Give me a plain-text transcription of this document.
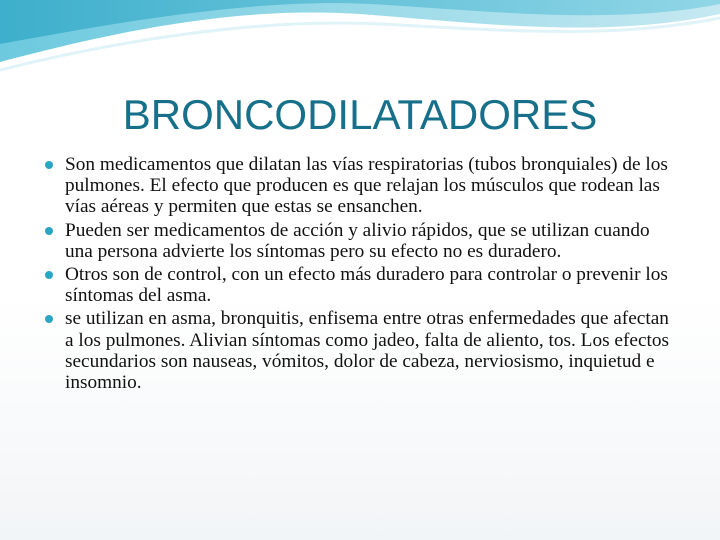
BRONCODILATADORES
Son medicamentos que dilatan las vías respiratorias (tubos bronquiales) de los pulmones. El efecto que producen es que relajan los músculos que rodean las vías aéreas y permiten que estas se ensanchen.
Pueden ser medicamentos de acción y alivio rápidos, que se utilizan cuando una persona advierte los síntomas pero su efecto no es duradero.
Otros son de control, con un efecto más duradero para controlar o prevenir los síntomas del asma.
se utilizan en asma, bronquitis, enfisema entre otras enfermedades que afectan a los pulmones. Alivian síntomas como jadeo, falta de aliento, tos. Los efectos secundarios son nauseas, vómitos, dolor de cabeza, nerviosismo, inquietud e insomnio.
